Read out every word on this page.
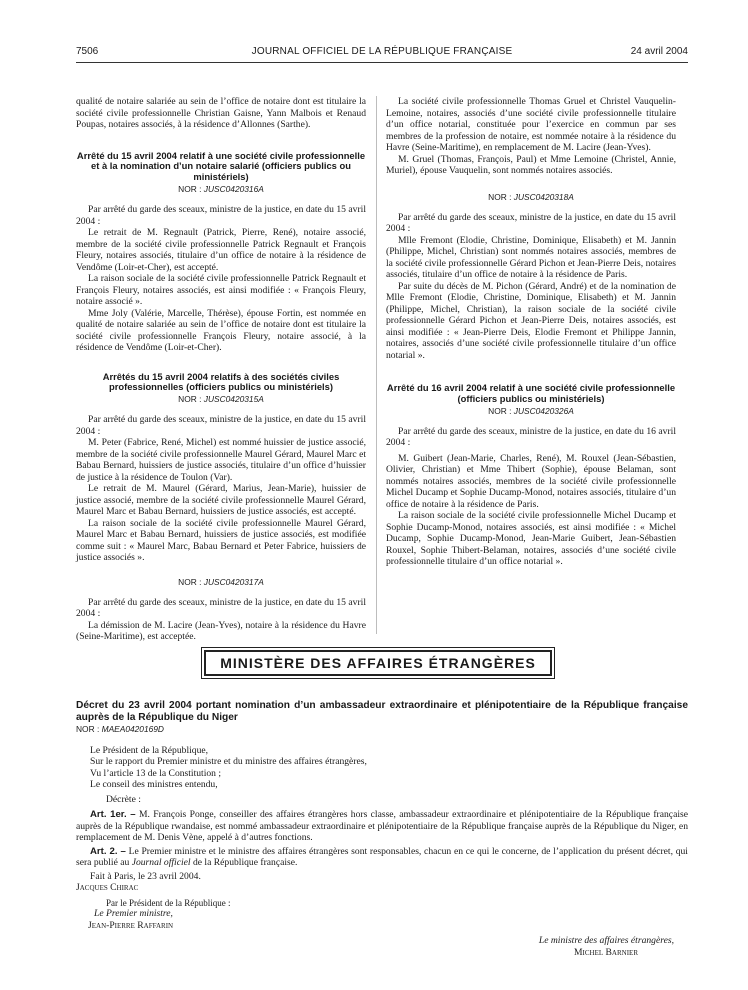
7506	JOURNAL OFFICIEL DE LA RÉPUBLIQUE FRANÇAISE	24 avril 2004

qualité de notaire salariée au sein de l’office de notaire dont est titulaire la société civile professionnelle Christian Gaisne, Yann Malbois et Renaud Poupas, notaires associés, à la résidence d’Allonnes (Sarthe).

Arrêté du 15 avril 2004 relatif à une société civile professionnelle et à la nomination d’un notaire salarié (officiers publics ou ministériels)

NOR : JUSC0420316A

Par arrêté du garde des sceaux, ministre de la justice, en date du 15 avril 2004 :

Le retrait de M. Regnault (Patrick, Pierre, René), notaire associé, membre de la société civile professionnelle Patrick Regnault et François Fleury, notaires associés, titulaire d’un office de notaire à la résidence de Vendôme (Loir-et-Cher), est accepté.

La raison sociale de la société civile professionnelle Patrick Regnault et François Fleury, notaires associés, est ainsi modifiée : « François Fleury, notaire associé ».

Mme Joly (Valérie, Marcelle, Thérèse), épouse Fortin, est nommée en qualité de notaire salariée au sein de l’office de notaire dont est titulaire la société civile professionnelle François Fleury, notaire associé, à la résidence de Vendôme (Loir-et-Cher).

Arrêtés du 15 avril 2004 relatifs à des sociétés civiles professionnelles (officiers publics ou ministériels)

NOR : JUSC0420315A

Par arrêté du garde des sceaux, ministre de la justice, en date du 15 avril 2004 :

M. Peter (Fabrice, René, Michel) est nommé huissier de justice associé, membre de la société civile professionnelle Maurel Gérard, Maurel Marc et Babau Bernard, huissiers de justice associés, titulaire d’un office d’huissier de justice à la résidence de Toulon (Var).

Le retrait de M. Maurel (Gérard, Marius, Jean-Marie), huissier de justice associé, membre de la société civile professionnelle Maurel Gérard, Maurel Marc et Babau Bernard, huissiers de justice associés, est accepté.

La raison sociale de la société civile professionnelle Maurel Gérard, Maurel Marc et Babau Bernard, huissiers de justice associés, est modifiée comme suit : « Maurel Marc, Babau Bernard et Peter Fabrice, huissiers de justice associés ».

NOR : JUSC0420317A

Par arrêté du garde des sceaux, ministre de la justice, en date du 15 avril 2004 :

La démission de M. Lacire (Jean-Yves), notaire à la résidence du Havre (Seine-Maritime), est acceptée.

La société civile professionnelle Thomas Gruel et Christel Vauquelin-Lemoine, notaires, associés d’une société civile professionnelle titulaire d’un office notarial, constituée pour l’exercice en commun par ses membres de la profession de notaire, est nommée notaire à la résidence du Havre (Seine-Maritime), en remplacement de M. Lacire (Jean-Yves).

M. Gruel (Thomas, François, Paul) et Mme Lemoine (Christel, Annie, Muriel), épouse Vauquelin, sont nommés notaires associés.

NOR : JUSC0420318A

Par arrêté du garde des sceaux, ministre de la justice, en date du 15 avril 2004 :

Mlle Fremont (Elodie, Christine, Dominique, Elisabeth) et M. Jannin (Philippe, Michel, Christian) sont nommés notaires associés, membres de la société civile professionnelle Gérard Pichon et Jean-Pierre Deis, notaires associés, titulaire d’un office de notaire à la résidence de Paris.

Par suite du décès de M. Pichon (Gérard, André) et de la nomination de Mlle Fremont (Elodie, Christine, Dominique, Elisabeth) et M. Jannin (Philippe, Michel, Christian), la raison sociale de la société civile professionnelle Gérard Pichon et Jean-Pierre Deis, notaires associés, est ainsi modifiée : « Jean-Pierre Deis, Elodie Fremont et Philippe Jannin, notaires, associés d’une société civile professionnelle titulaire d’un office notarial ».

Arrêté du 16 avril 2004 relatif à une société civile professionnelle (officiers publics ou ministériels)

NOR : JUSC0420326A

Par arrêté du garde des sceaux, ministre de la justice, en date du 16 avril 2004 :

M. Guibert (Jean-Marie, Charles, René), M. Rouxel (Jean-Sébastien, Olivier, Christian) et Mme Thibert (Sophie), épouse Belaman, sont nommés notaires associés, membres de la société civile professionnelle Michel Ducamp et Sophie Ducamp-Monod, notaires associés, titulaire d’un office de notaire à la résidence de Paris.

La raison sociale de la société civile professionnelle Michel Ducamp et Sophie Ducamp-Monod, notaires associés, est ainsi modifiée : « Michel Ducamp, Sophie Ducamp-Monod, Jean-Marie Guibert, Jean-Sébastien Rouxel, Sophie Thibert-Belaman, notaires, associés d’une société civile professionnelle titulaire d’un office notarial ».

MINISTÈRE DES AFFAIRES ÉTRANGÈRES

Décret du 23 avril 2004 portant nomination d’un ambassadeur extraordinaire et plénipotentiaire de la République française auprès de la République du Niger

NOR : MAEA0420169D

Le Président de la République,

Sur le rapport du Premier ministre et du ministre des affaires étrangères,

Vu l’article 13 de la Constitution ;

Le conseil des ministres entendu,

Décrète :

Art. 1er. – M. François Ponge, conseiller des affaires étrangères hors classe, ambassadeur extraordinaire et plénipotentiaire de la République française auprès de la République rwandaise, est nommé ambassadeur extraordinaire et plénipotentiaire de la République française auprès de la République du Niger, en remplacement de M. Denis Vène, appelé à d’autres fonctions.

Art. 2. – Le Premier ministre et le ministre des affaires étrangères sont responsables, chacun en ce qui le concerne, de l’application du présent décret, qui sera publié au Journal officiel de la République française.

Fait à Paris, le 23 avril 2004.

Jacques Chirac

Par le Président de la République :

Le Premier ministre,

Jean-Pierre Raffarin

Le ministre des affaires étrangères,

Michel Barnier
